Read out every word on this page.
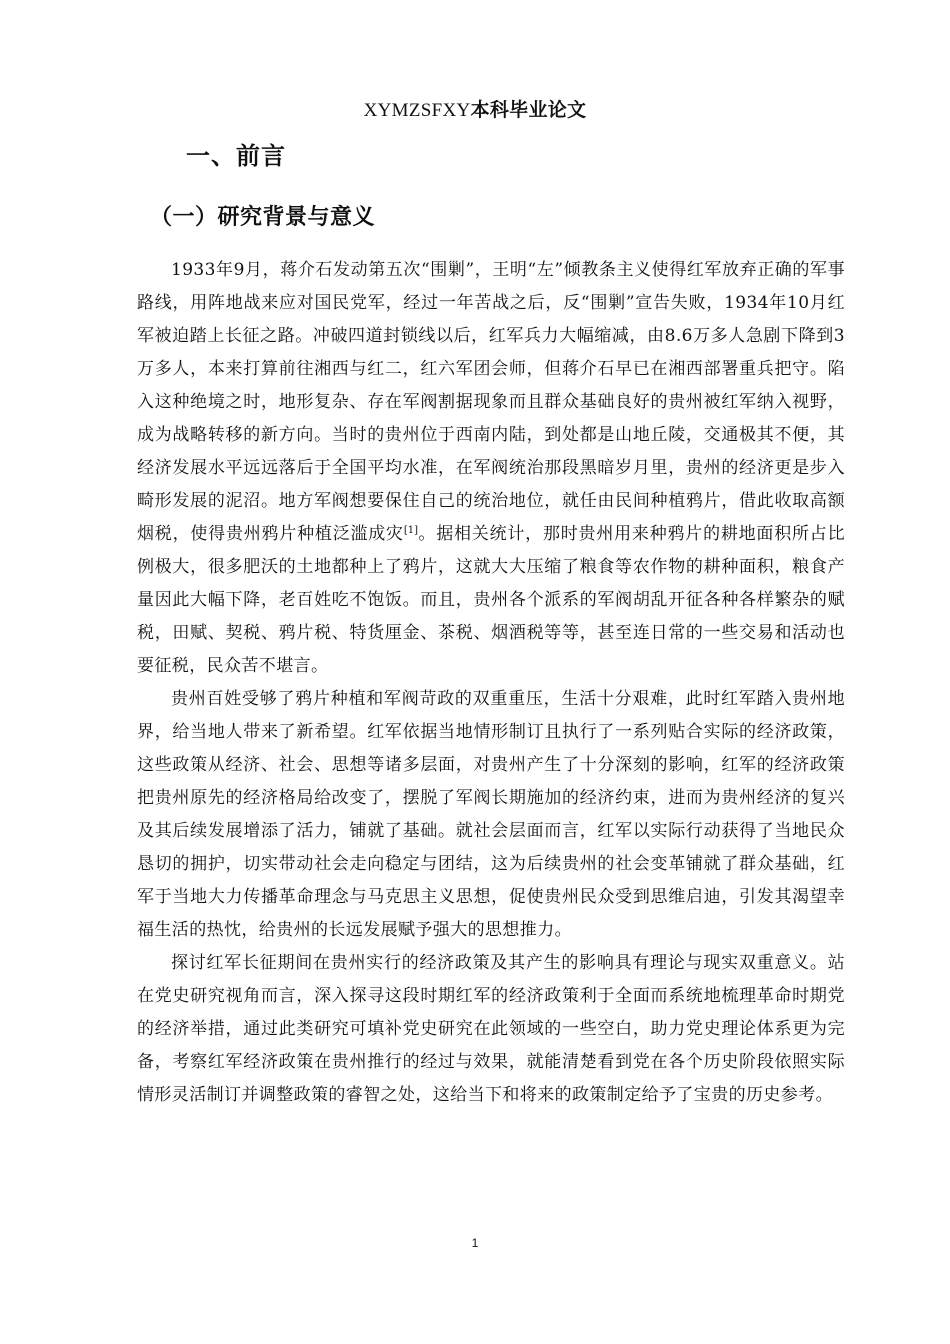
XYMZSFXY本科毕业论文
一、前言
（一）研究背景与意义

1933年9月，蒋介石发动第五次“围剿”，王明“左”倾教条主义使得红军放弃正确的军事路线，用阵地战来应对国民党军，经过一年苦战之后，反“围剿”宣告失败，1934年10月红军被迫踏上长征之路。冲破四道封锁线以后，红军兵力大幅缩减，由8.6万多人急剧下降到3万多人，本来打算前往湘西与红二，红六军团会师，但蒋介石早已在湘西部署重兵把守。陷入这种绝境之时，地形复杂、存在军阀割据现象而且群众基础良好的贵州被红军纳入视野，成为战略转移的新方向。当时的贵州位于西南内陆，到处都是山地丘陵，交通极其不便，其经济发展水平远远落后于全国平均水准，在军阀统治那段黑暗岁月里，贵州的经济更是步入畸形发展的泥沼。地方军阀想要保住自己的统治地位，就任由民间种植鸦片，借此收取高额烟税，使得贵州鸦片种植泛滥成灾[1]。据相关统计，那时贵州用来种鸦片的耕地面积所占比例极大，很多肥沃的土地都种上了鸦片，这就大大压缩了粮食等农作物的耕种面积，粮食产量因此大幅下降，老百姓吃不饱饭。而且，贵州各个派系的军阀胡乱开征各种各样繁杂的赋税，田赋、契税、鸦片税、特货厘金、茶税、烟酒税等等，甚至连日常的一些交易和活动也要征税，民众苦不堪言。

贵州百姓受够了鸦片种植和军阀苛政的双重重压，生活十分艰难，此时红军踏入贵州地界，给当地人带来了新希望。红军依据当地情形制订且执行了一系列贴合实际的经济政策，这些政策从经济、社会、思想等诸多层面，对贵州产生了十分深刻的影响，红军的经济政策把贵州原先的经济格局给改变了，摆脱了军阀长期施加的经济约束，进而为贵州经济的复兴及其后续发展增添了活力，铺就了基础。就社会层面而言，红军以实际行动获得了当地民众恳切的拥护，切实带动社会走向稳定与团结，这为后续贵州的社会变革铺就了群众基础，红军于当地大力传播革命理念与马克思主义思想，促使贵州民众受到思维启迪，引发其渴望幸福生活的热忱，给贵州的长远发展赋予强大的思想推力。

探讨红军长征期间在贵州实行的经济政策及其产生的影响具有理论与现实双重意义。站在党史研究视角而言，深入探寻这段时期红军的经济政策利于全面而系统地梳理革命时期党的经济举措，通过此类研究可填补党史研究在此领域的一些空白，助力党史理论体系更为完备，考察红军经济政策在贵州推行的经过与效果，就能清楚看到党在各个历史阶段依照实际情形灵活制订并调整政策的睿智之处，这给当下和将来的政策制定给予了宝贵的历史参考。

1
